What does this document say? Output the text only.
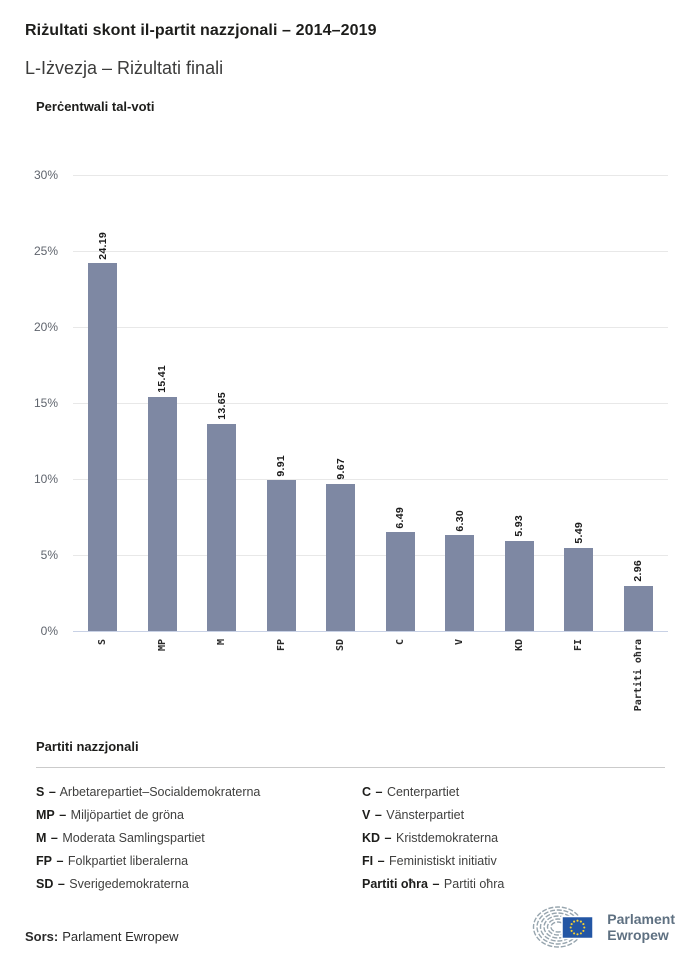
Riżultati skont il-partit nazzjonali – 2014–2019
L-Iżvezja – Riżultati finali
Perċentwali tal-voti
30%
25%
20%
15%
10%
5%
0%
24.19
15.41
13.65
9.91	9.67
6.49	6.30	5.93	5.49
2.96
S	MP	M	FP	SD	C	V	KD	FI	Partiti oħra
Partiti nazzjonali
S – Arbetarepartiet–Socialdemokraterna
MP – Miljöpartiet de gröna
M – Moderata Samlingspartiet
FP – Folkpartiet liberalerna
SD – Sverigedemokraterna
C – Centerpartiet
V – Vänsterpartiet
KD – Kristdemokraterna
FI – Feministiskt initiativ
Partiti oħra – Partiti oħra
Sors: Parlament Ewropew
Parlament
Ewropew
